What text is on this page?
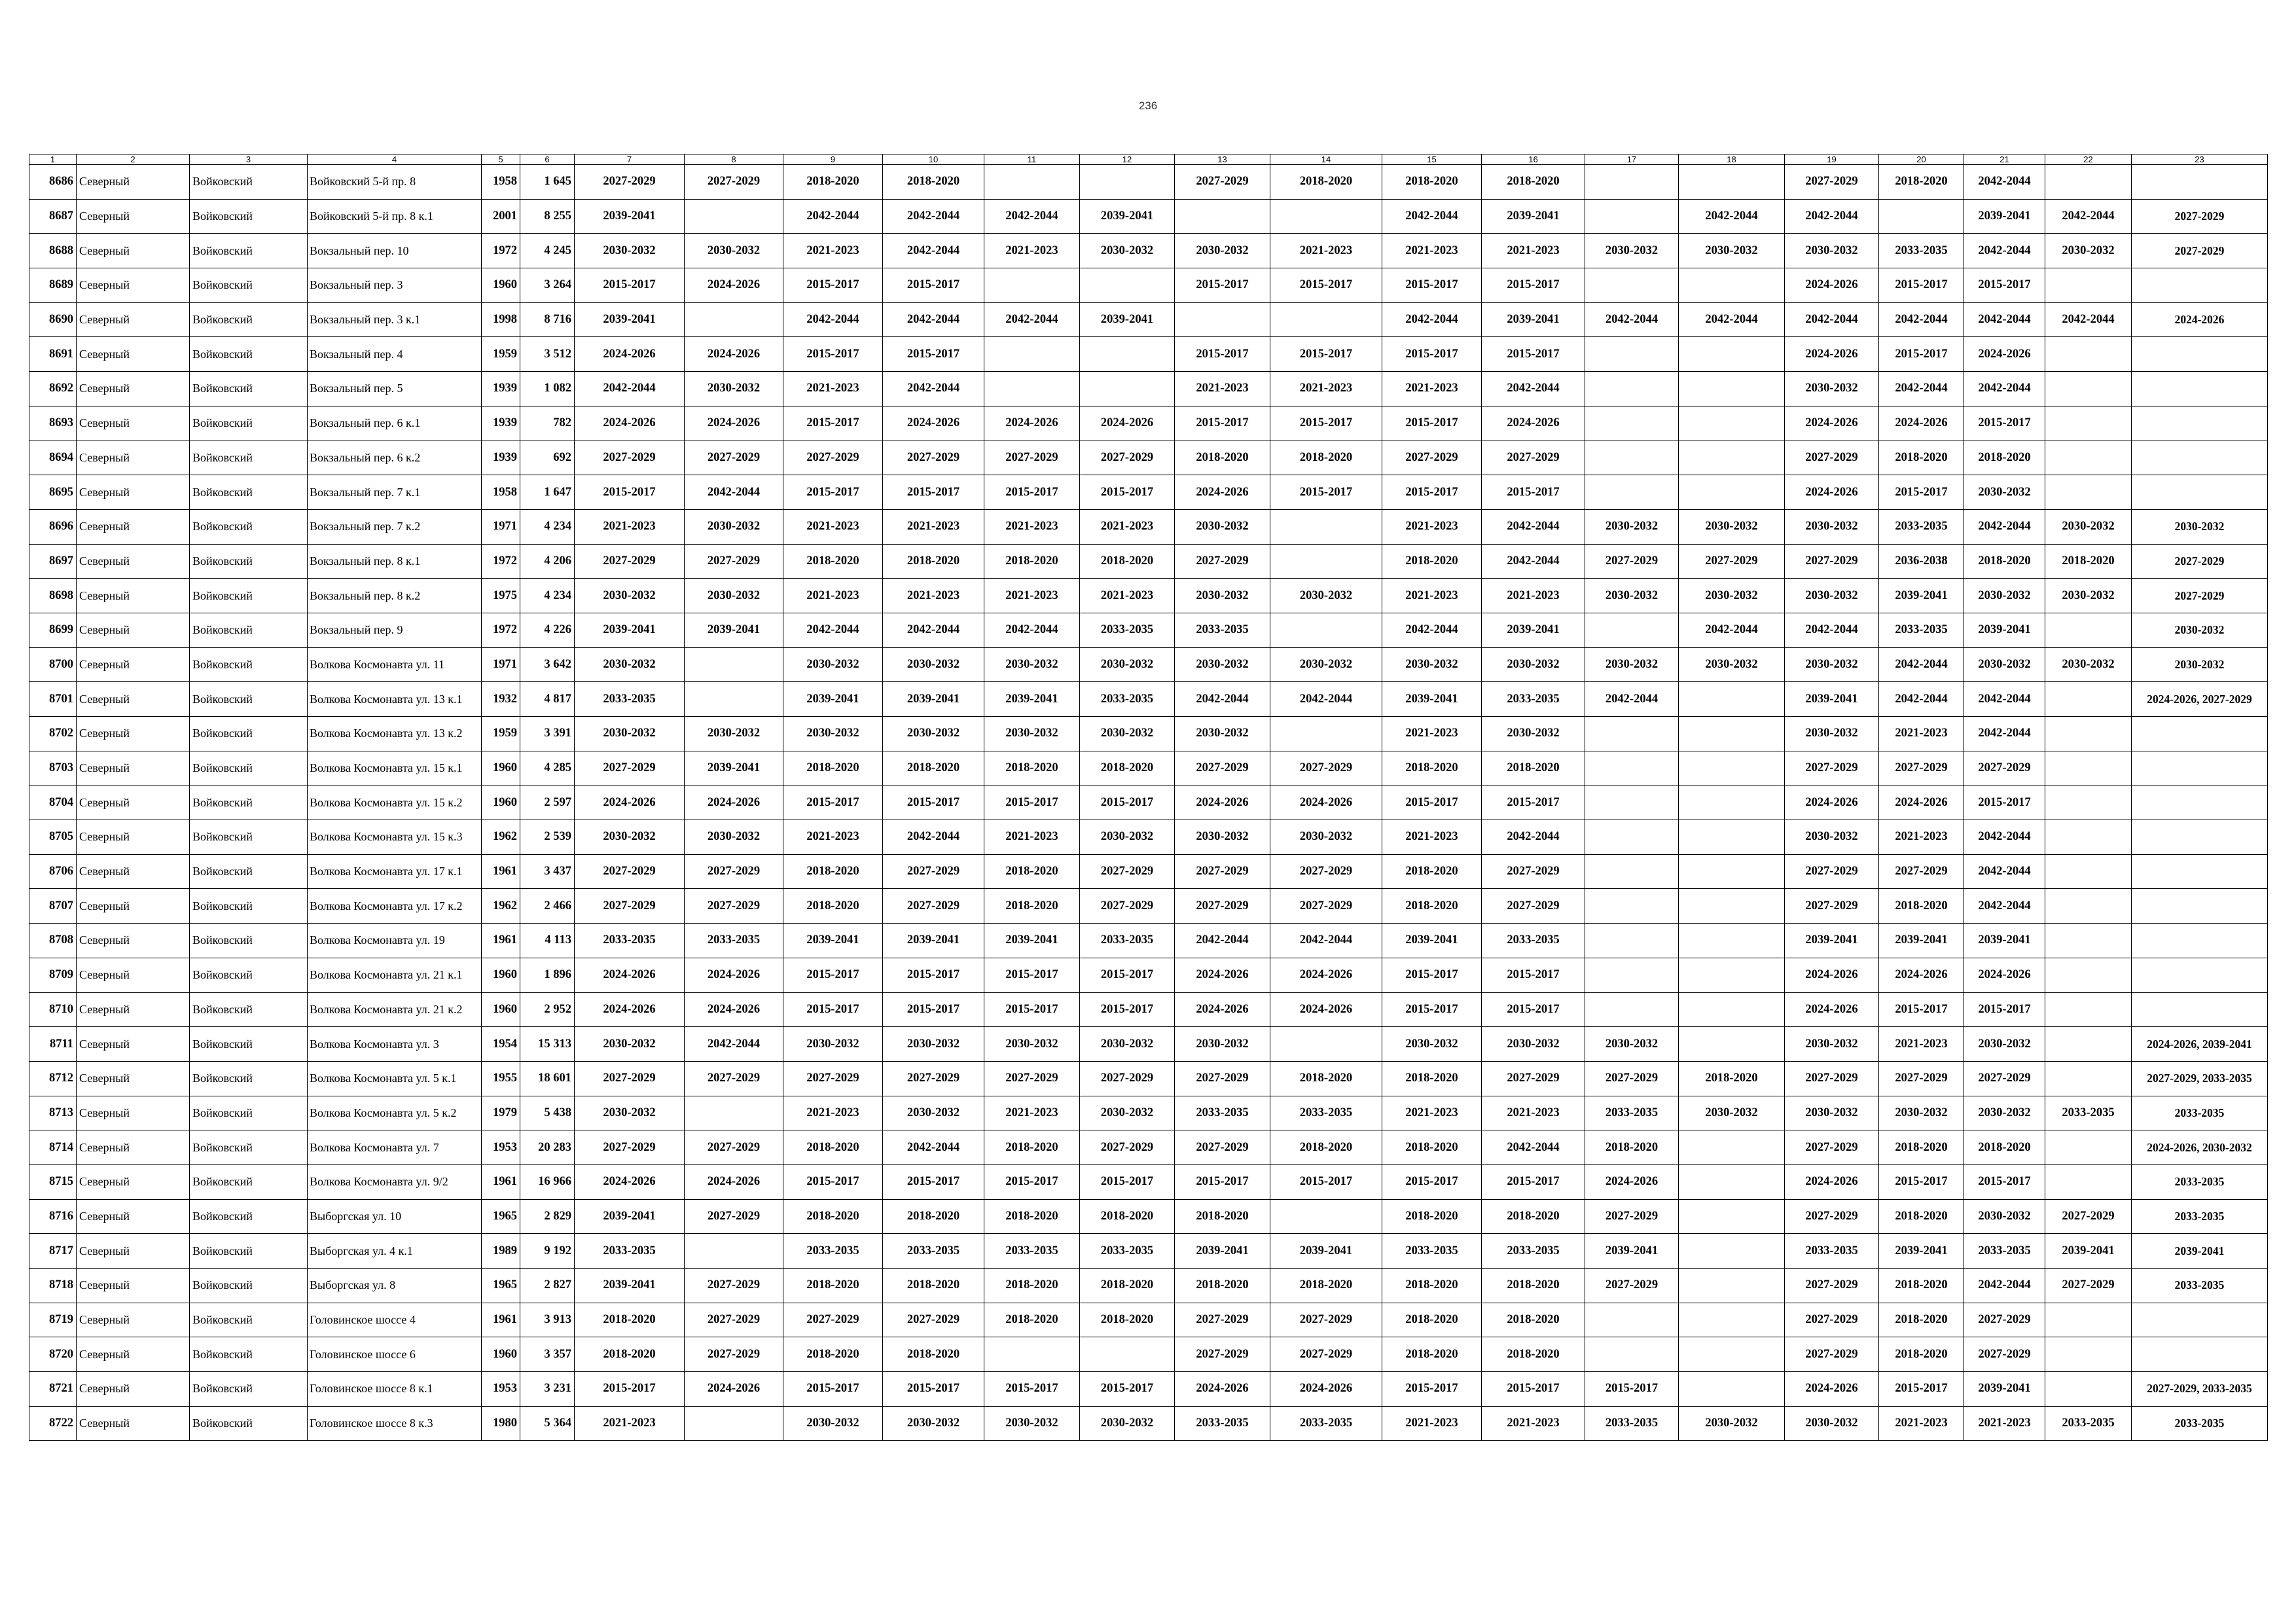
236
1	2	3	4	5	6	7	8	9	10	11	12	13	14	15	16	17	18	19	20	21	22	23
8686	Северный	Войковский	Войковский 5-й пр. 8	1958	1 645	2027-2029	2027-2029	2018-2020	2018-2020			2027-2029	2018-2020	2018-2020	2018-2020			2027-2029	2018-2020	2042-2044		
8687	Северный	Войковский	Войковский 5-й пр. 8 к.1	2001	8 255	2039-2041		2042-2044	2042-2044	2042-2044	2039-2041			2042-2044	2039-2041		2042-2044	2042-2044		2039-2041	2042-2044	2027-2029
8688	Северный	Войковский	Вокзальный пер. 10	1972	4 245	2030-2032	2030-2032	2021-2023	2042-2044	2021-2023	2030-2032	2030-2032	2021-2023	2021-2023	2021-2023	2030-2032	2030-2032	2030-2032	2033-2035	2042-2044	2030-2032	2027-2029
8689	Северный	Войковский	Вокзальный пер. 3	1960	3 264	2015-2017	2024-2026	2015-2017	2015-2017			2015-2017	2015-2017	2015-2017	2015-2017			2024-2026	2015-2017	2015-2017		
8690	Северный	Войковский	Вокзальный пер. 3 к.1	1998	8 716	2039-2041		2042-2044	2042-2044	2042-2044	2039-2041			2042-2044	2039-2041	2042-2044	2042-2044	2042-2044	2042-2044	2042-2044	2042-2044	2024-2026
8691	Северный	Войковский	Вокзальный пер. 4	1959	3 512	2024-2026	2024-2026	2015-2017	2015-2017			2015-2017	2015-2017	2015-2017	2015-2017			2024-2026	2015-2017	2024-2026		
8692	Северный	Войковский	Вокзальный пер. 5	1939	1 082	2042-2044	2030-2032	2021-2023	2042-2044			2021-2023	2021-2023	2021-2023	2042-2044			2030-2032	2042-2044	2042-2044		
8693	Северный	Войковский	Вокзальный пер. 6 к.1	1939	782	2024-2026	2024-2026	2015-2017	2024-2026	2024-2026	2024-2026	2015-2017	2015-2017	2015-2017	2024-2026			2024-2026	2024-2026	2015-2017		
8694	Северный	Войковский	Вокзальный пер. 6 к.2	1939	692	2027-2029	2027-2029	2027-2029	2027-2029	2027-2029	2027-2029	2018-2020	2018-2020	2027-2029	2027-2029			2027-2029	2018-2020	2018-2020		
8695	Северный	Войковский	Вокзальный пер. 7 к.1	1958	1 647	2015-2017	2042-2044	2015-2017	2015-2017	2015-2017	2015-2017	2024-2026	2015-2017	2015-2017	2015-2017			2024-2026	2015-2017	2030-2032		
8696	Северный	Войковский	Вокзальный пер. 7 к.2	1971	4 234	2021-2023	2030-2032	2021-2023	2021-2023	2021-2023	2021-2023	2030-2032		2021-2023	2042-2044	2030-2032	2030-2032	2030-2032	2033-2035	2042-2044	2030-2032	2030-2032
8697	Северный	Войковский	Вокзальный пер. 8 к.1	1972	4 206	2027-2029	2027-2029	2018-2020	2018-2020	2018-2020	2018-2020	2027-2029		2018-2020	2042-2044	2027-2029	2027-2029	2027-2029	2036-2038	2018-2020	2018-2020	2027-2029
8698	Северный	Войковский	Вокзальный пер. 8 к.2	1975	4 234	2030-2032	2030-2032	2021-2023	2021-2023	2021-2023	2021-2023	2030-2032	2030-2032	2021-2023	2021-2023	2030-2032	2030-2032	2030-2032	2039-2041	2030-2032	2030-2032	2027-2029
8699	Северный	Войковский	Вокзальный пер. 9	1972	4 226	2039-2041	2039-2041	2042-2044	2042-2044	2042-2044	2033-2035	2033-2035		2042-2044	2039-2041		2042-2044	2042-2044	2033-2035	2039-2041		2030-2032
8700	Северный	Войковский	Волкова Космонавта ул. 11	1971	3 642	2030-2032		2030-2032	2030-2032	2030-2032	2030-2032	2030-2032	2030-2032	2030-2032	2030-2032	2030-2032	2030-2032	2030-2032	2042-2044	2030-2032	2030-2032	2030-2032
8701	Северный	Войковский	Волкова Космонавта ул. 13 к.1	1932	4 817	2033-2035		2039-2041	2039-2041	2039-2041	2033-2035	2042-2044	2042-2044	2039-2041	2033-2035	2042-2044		2039-2041	2042-2044	2042-2044		2024-2026, 2027-2029
8702	Северный	Войковский	Волкова Космонавта ул. 13 к.2	1959	3 391	2030-2032	2030-2032	2030-2032	2030-2032	2030-2032	2030-2032	2030-2032		2021-2023	2030-2032			2030-2032	2021-2023	2042-2044		
8703	Северный	Войковский	Волкова Космонавта ул. 15 к.1	1960	4 285	2027-2029	2039-2041	2018-2020	2018-2020	2018-2020	2018-2020	2027-2029	2027-2029	2018-2020	2018-2020			2027-2029	2027-2029	2027-2029		
8704	Северный	Войковский	Волкова Космонавта ул. 15 к.2	1960	2 597	2024-2026	2024-2026	2015-2017	2015-2017	2015-2017	2015-2017	2024-2026	2024-2026	2015-2017	2015-2017			2024-2026	2024-2026	2015-2017		
8705	Северный	Войковский	Волкова Космонавта ул. 15 к.3	1962	2 539	2030-2032	2030-2032	2021-2023	2042-2044	2021-2023	2030-2032	2030-2032	2030-2032	2021-2023	2042-2044			2030-2032	2021-2023	2042-2044		
8706	Северный	Войковский	Волкова Космонавта ул. 17 к.1	1961	3 437	2027-2029	2027-2029	2018-2020	2027-2029	2018-2020	2027-2029	2027-2029	2027-2029	2018-2020	2027-2029			2027-2029	2027-2029	2042-2044		
8707	Северный	Войковский	Волкова Космонавта ул. 17 к.2	1962	2 466	2027-2029	2027-2029	2018-2020	2027-2029	2018-2020	2027-2029	2027-2029	2027-2029	2018-2020	2027-2029			2027-2029	2018-2020	2042-2044		
8708	Северный	Войковский	Волкова Космонавта ул. 19	1961	4 113	2033-2035	2033-2035	2039-2041	2039-2041	2039-2041	2033-2035	2042-2044	2042-2044	2039-2041	2033-2035			2039-2041	2039-2041	2039-2041		
8709	Северный	Войковский	Волкова Космонавта ул. 21 к.1	1960	1 896	2024-2026	2024-2026	2015-2017	2015-2017	2015-2017	2015-2017	2024-2026	2024-2026	2015-2017	2015-2017			2024-2026	2024-2026	2024-2026		
8710	Северный	Войковский	Волкова Космонавта ул. 21 к.2	1960	2 952	2024-2026	2024-2026	2015-2017	2015-2017	2015-2017	2015-2017	2024-2026	2024-2026	2015-2017	2015-2017			2024-2026	2015-2017	2015-2017		
8711	Северный	Войковский	Волкова Космонавта ул. 3	1954	15 313	2030-2032	2042-2044	2030-2032	2030-2032	2030-2032	2030-2032	2030-2032		2030-2032	2030-2032	2030-2032		2030-2032	2021-2023	2030-2032		2024-2026, 2039-2041
8712	Северный	Войковский	Волкова Космонавта ул. 5 к.1	1955	18 601	2027-2029	2027-2029	2027-2029	2027-2029	2027-2029	2027-2029	2027-2029	2018-2020	2018-2020	2027-2029	2027-2029	2018-2020	2027-2029	2027-2029	2027-2029		2027-2029, 2033-2035
8713	Северный	Войковский	Волкова Космонавта ул. 5 к.2	1979	5 438	2030-2032		2021-2023	2030-2032	2021-2023	2030-2032	2033-2035	2033-2035	2021-2023	2021-2023	2033-2035	2030-2032	2030-2032	2030-2032	2030-2032	2033-2035	2033-2035
8714	Северный	Войковский	Волкова Космонавта ул. 7	1953	20 283	2027-2029	2027-2029	2018-2020	2042-2044	2018-2020	2027-2029	2027-2029	2018-2020	2018-2020	2042-2044	2018-2020		2027-2029	2018-2020	2018-2020		2024-2026, 2030-2032
8715	Северный	Войковский	Волкова Космонавта ул. 9/2	1961	16 966	2024-2026	2024-2026	2015-2017	2015-2017	2015-2017	2015-2017	2015-2017	2015-2017	2015-2017	2015-2017	2024-2026		2024-2026	2015-2017	2015-2017		2033-2035
8716	Северный	Войковский	Выборгская ул. 10	1965	2 829	2039-2041	2027-2029	2018-2020	2018-2020	2018-2020	2018-2020	2018-2020		2018-2020	2018-2020	2027-2029		2027-2029	2018-2020	2030-2032	2027-2029	2033-2035
8717	Северный	Войковский	Выборгская ул. 4 к.1	1989	9 192	2033-2035		2033-2035	2033-2035	2033-2035	2033-2035	2039-2041	2039-2041	2033-2035	2033-2035	2039-2041		2033-2035	2039-2041	2033-2035	2039-2041	2039-2041
8718	Северный	Войковский	Выборгская ул. 8	1965	2 827	2039-2041	2027-2029	2018-2020	2018-2020	2018-2020	2018-2020	2018-2020	2018-2020	2018-2020	2018-2020	2027-2029		2027-2029	2018-2020	2042-2044	2027-2029	2033-2035
8719	Северный	Войковский	Головинское шоссе 4	1961	3 913	2018-2020	2027-2029	2027-2029	2027-2029	2018-2020	2018-2020	2027-2029	2027-2029	2018-2020	2018-2020			2027-2029	2018-2020	2027-2029		
8720	Северный	Войковский	Головинское шоссе 6	1960	3 357	2018-2020	2027-2029	2018-2020	2018-2020			2027-2029	2027-2029	2018-2020	2018-2020			2027-2029	2018-2020	2027-2029		
8721	Северный	Войковский	Головинское шоссе 8 к.1	1953	3 231	2015-2017	2024-2026	2015-2017	2015-2017	2015-2017	2015-2017	2024-2026	2024-2026	2015-2017	2015-2017	2015-2017		2024-2026	2015-2017	2039-2041		2027-2029, 2033-2035
8722	Северный	Войковский	Головинское шоссе 8 к.3	1980	5 364	2021-2023		2030-2032	2030-2032	2030-2032	2030-2032	2033-2035	2033-2035	2021-2023	2021-2023	2033-2035	2030-2032	2030-2032	2021-2023	2021-2023	2033-2035	2033-2035
